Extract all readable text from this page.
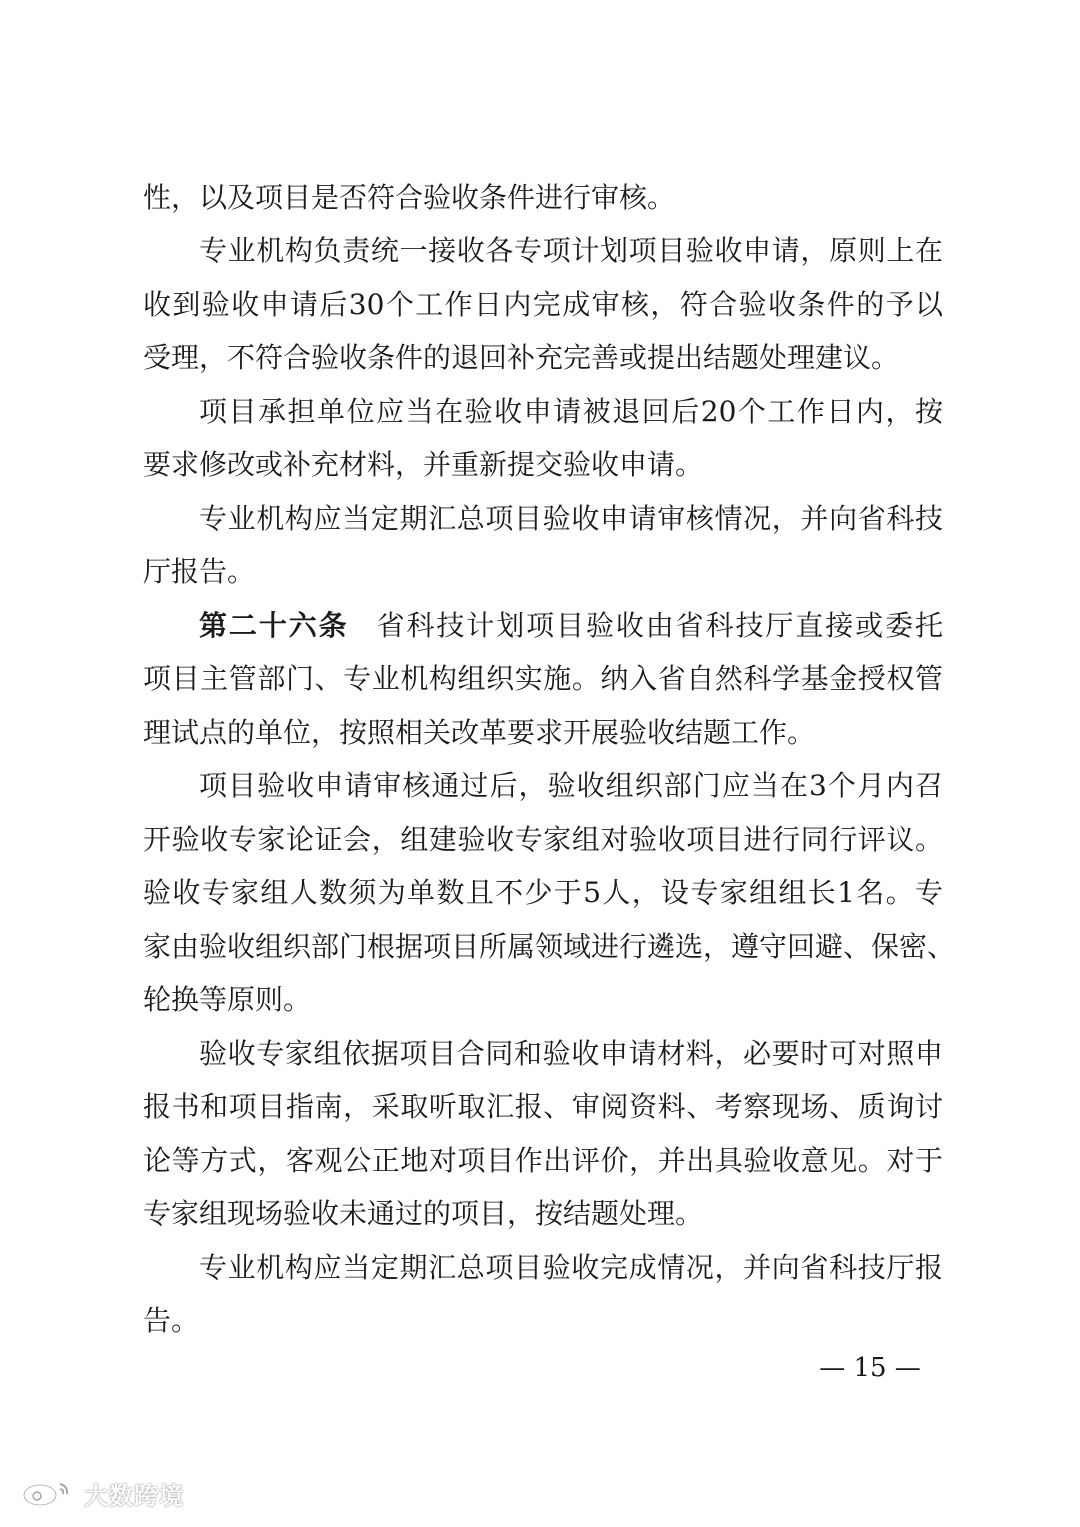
性，以及项目是否符合验收条件进行审核。
专业机构负责统一接收各专项计划项目验收申请，原则上在
收到验收申请后30个工作日内完成审核，符合验收条件的予以
受理，不符合验收条件的退回补充完善或提出结题处理建议。
项目承担单位应当在验收申请被退回后20个工作日内，按
要求修改或补充材料，并重新提交验收申请。
专业机构应当定期汇总项目验收申请审核情况，并向省科技
厅报告。
第二十六条 省科技计划项目验收由省科技厅直接或委托
项目主管部门、专业机构组织实施。纳入省自然科学基金授权管
理试点的单位，按照相关改革要求开展验收结题工作。
项目验收申请审核通过后，验收组织部门应当在3个月内召
开验收专家论证会，组建验收专家组对验收项目进行同行评议。
验收专家组人数须为单数且不少于5人，设专家组组长1名。专
家由验收组织部门根据项目所属领域进行遴选，遵守回避、保密、
轮换等原则。
验收专家组依据项目合同和验收申请材料，必要时可对照申
报书和项目指南，采取听取汇报、审阅资料、考察现场、质询讨
论等方式，客观公正地对项目作出评价，并出具验收意见。对于
专家组现场验收未通过的项目，按结题处理。
专业机构应当定期汇总项目验收完成情况，并向省科技厅报
告。
— 15 —
大数跨境
